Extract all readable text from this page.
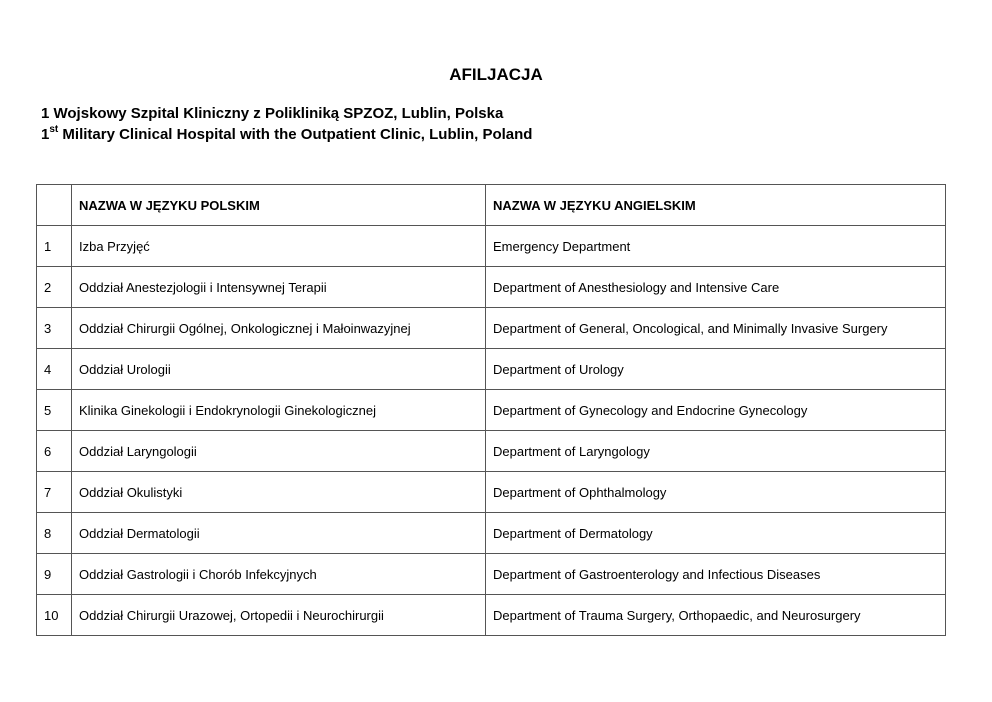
AFILJACJA
1 Wojskowy Szpital Kliniczny z Polikliniką SPZOZ, Lublin, Polska
1st Military Clinical Hospital with the Outpatient Clinic, Lublin, Poland
	NAZWA W JĘZYKU POLSKIM	NAZWA W JĘZYKU ANGIELSKIM
1	Izba Przyjęć	Emergency Department
2	Oddział Anestezjologii i Intensywnej Terapii	Department of Anesthesiology and Intensive Care
3	Oddział Chirurgii Ogólnej, Onkologicznej i Małoinwazyjnej	Department of General, Oncological, and Minimally Invasive Surgery
4	Oddział Urologii	Department of Urology
5	Klinika Ginekologii i Endokrynologii Ginekologicznej	Department of Gynecology and Endocrine Gynecology
6	Oddział Laryngologii	Department of Laryngology
7	Oddział Okulistyki	Department of Ophthalmology
8	Oddział Dermatologii	Department of Dermatology
9	Oddział Gastrologii i Chorób Infekcyjnych	Department of Gastroenterology and Infectious Diseases
10	Oddział Chirurgii Urazowej, Ortopedii i Neurochirurgii	Department of Trauma Surgery, Orthopaedic, and Neurosurgery
